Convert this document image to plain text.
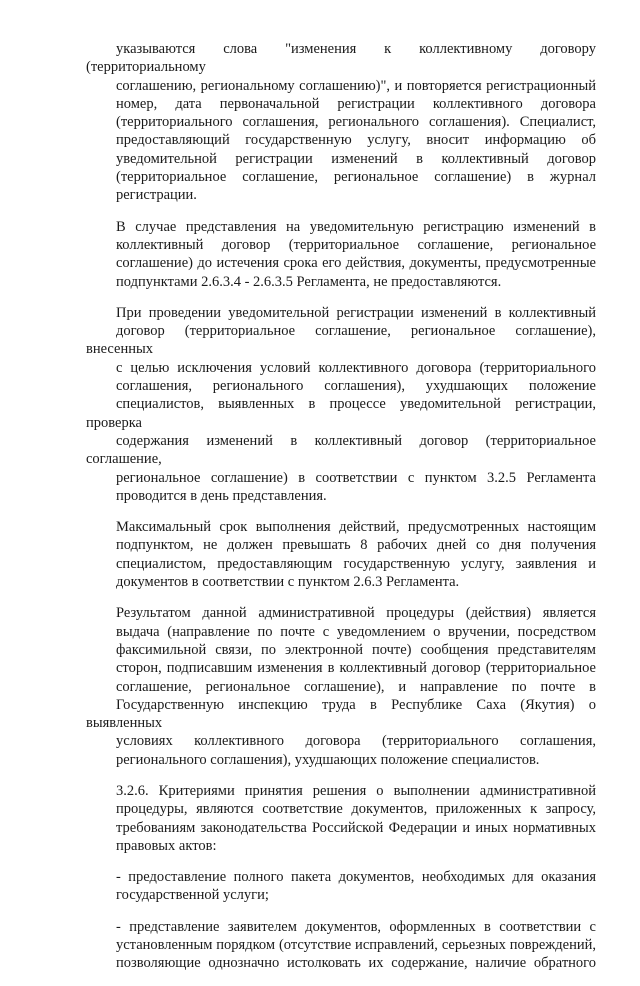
указываются слова "изменения к коллективному договору (территориальному
соглашению, региональному соглашению)", и повторяется регистрационный
номер, дата первоначальной регистрации коллективного договора
(территориального соглашения, регионального соглашения). Специалист,
предоставляющий государственную услугу, вносит информацию об
уведомительной регистрации изменений в коллективный договор
(территориальное соглашение, региональное соглашение) в журнал
регистрации.
В случае представления на уведомительную регистрацию изменений в
коллективный договор (территориальное соглашение, региональное
соглашение) до истечения срока его действия, документы, предусмотренные
подпунктами 2.6.3.4 - 2.6.3.5 Регламента, не предоставляются.
При проведении уведомительной регистрации изменений в коллективный
договор (территориальное соглашение, региональное соглашение), внесенных
с целью исключения условий коллективного договора (территориального
соглашения, регионального соглашения), ухудшающих положение
специалистов, выявленных в процессе уведомительной регистрации, проверка
содержания изменений в коллективный договор (территориальное соглашение,
региональное соглашение) в соответствии с пунктом 3.2.5 Регламента
проводится в день представления.
Максимальный срок выполнения действий, предусмотренных настоящим
подпунктом, не должен превышать 8 рабочих дней со дня получения
специалистом, предоставляющим государственную услугу, заявления и
документов в соответствии с пунктом 2.6.3 Регламента.
Результатом данной административной процедуры (действия) является
выдача (направление по почте с уведомлением о вручении, посредством
факсимильной связи, по электронной почте) сообщения представителям
сторон, подписавшим изменения в коллективный договор (территориальное
соглашение, региональное соглашение), и направление по почте в
Государственную инспекцию труда в Республике Саха (Якутия) о выявленных
условиях коллективного договора (территориального соглашения,
регионального соглашения), ухудшающих положение специалистов.
3.2.6. Критериями принятия решения о выполнении административной
процедуры, являются соответствие документов, приложенных к запросу,
требованиям законодательства Российской Федерации и иных нормативных
правовых актов:
- предоставление полного пакета документов, необходимых для оказания
государственной услуги;
- представление заявителем документов, оформленных в соответствии с
установленным порядком (отсутствие исправлений, серьезных повреждений,
позволяющие однозначно истолковать их содержание, наличие обратного
